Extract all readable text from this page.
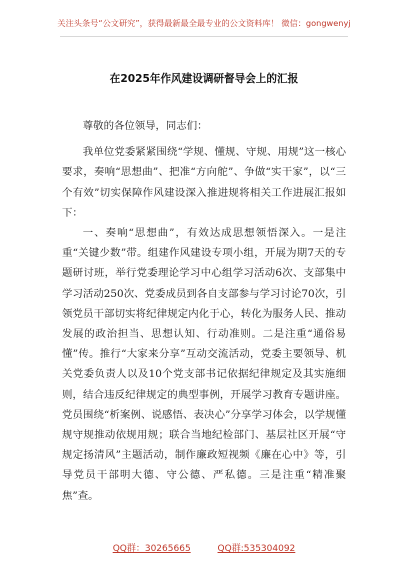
关注头条号“公文研究”，获得最新最全最专业的公文资料库！ 微信：gongwenyj
在2025年作风建设调研督导会上的汇报

尊敬的各位领导，同志们：

我单位党委紧紧围绕“学规、懂规、守规、用规”这一核心要求，奏响“思想曲”、把准“方向舵”、争做“实干家”，以“三个有效”切实保障作风建设深入推进规将相关工作进展汇报如下：

一、奏响“思想曲”，有效达成思想领悟深入。一是注重“关键少数”带。组建作风建设专项小组，开展为期7天的专题研讨班，举行党委理论学习中心组学习活动6次、支部集中学习活动250次、党委成员到各自支部参与学习讨论70次，引领党员干部切实将纪律规定内化于心，转化为服务人民、推动发展的政治担当、思想认知、行动准则。二是注重“通俗易懂”传。推行“大家来分享”互动交流活动，党委主要领导、机关党委负责人以及10个党支部书记依据纪律规定及其实施细则，结合违反纪律规定的典型事例，开展学习教育专题讲座。党员围绕“析案例、说感悟、表决心”分享学习体会，以学规懂规守规推动依规用规；联合当地纪检部门、基层社区开展“守规定扬清风”主题活动，制作廉政短视频《廉在心中》等，引导党员干部明大德、守公德、严私德。三是注重“精准聚焦”查。

QQ群：30265665	QQ群:535304092
